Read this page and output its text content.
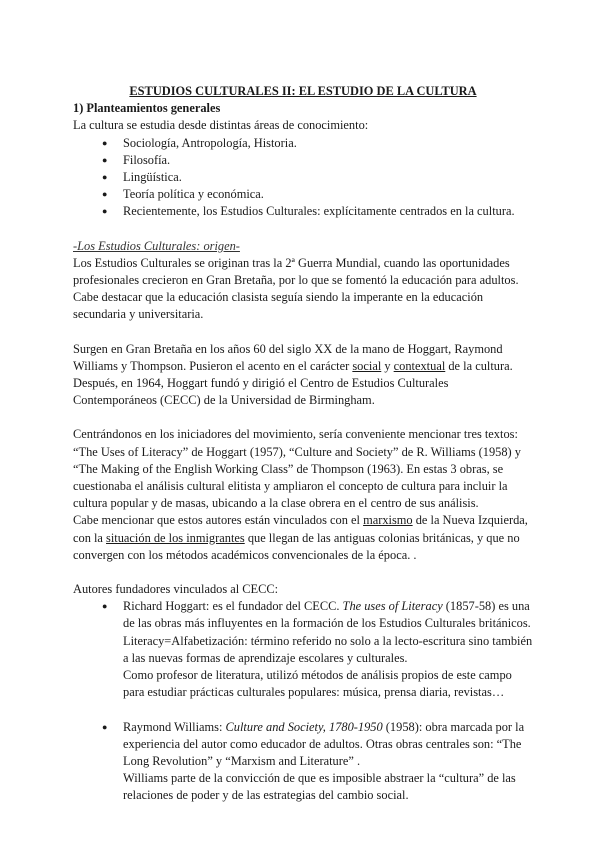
ESTUDIOS CULTURALES II: EL ESTUDIO DE LA CULTURA

1) Planteamientos generales

La cultura se estudia desde distintas áreas de conocimiento:

● Sociología, Antropología, Historia.
● Filosofía.
● Lingüística.
● Teoría política y económica.
● Recientemente, los Estudios Culturales: explícitamente centrados en la cultura.

-Los Estudios Culturales: origen-

Los Estudios Culturales se originan tras la 2ª Guerra Mundial, cuando las oportunidades profesionales crecieron en Gran Bretaña, por lo que se fomentó la educación para adultos. Cabe destacar que la educación clasista seguía siendo la imperante en la educación secundaria y universitaria.

Surgen en Gran Bretaña en los años 60 del siglo XX de la mano de Hoggart, Raymond Williams y Thompson. Pusieron el acento en el carácter social y contextual de la cultura.

Después, en 1964, Hoggart fundó y dirigió el Centro de Estudios Culturales Contemporáneos (CECC) de la Universidad de Birmingham.

Centrándonos en los iniciadores del movimiento, sería conveniente mencionar tres textos: “The Uses of Literacy” de Hoggart (1957), “Culture and Society” de R. Williams (1958) y “The Making of the English Working Class” de Thompson (1963). En estas 3 obras, se cuestionaba el análisis cultural elitista y ampliaron el concepto de cultura para incluir la cultura popular y de masas, ubicando a la clase obrera en el centro de sus análisis.

Cabe mencionar que estos autores están vinculados con el marxismo de la Nueva Izquierda, con la situación de los inmigrantes que llegan de las antiguas colonias británicas, y que no convergen con los métodos académicos convencionales de la época. .

Autores fundadores vinculados al CECC:

● Richard Hoggart: es el fundador del CECC. The uses of Literacy (1857-58) es una de las obras más influyentes en la formación de los Estudios Culturales británicos.
Literacy=Alfabetización: término referido no solo a la lecto-escritura sino también a las nuevas formas de aprendizaje escolares y culturales.
Como profesor de literatura, utilizó métodos de análisis propios de este campo para estudiar prácticas culturales populares: música, prensa diaria, revistas…
● Raymond Williams: Culture and Society, 1780-1950 (1958): obra marcada por la experiencia del autor como educador de adultos. Otras obras centrales son: “The Long Revolution” y “Marxism and Literature” .
Williams parte de la convicción de que es imposible abstraer la “cultura” de las relaciones de poder y de las estrategias del cambio social.
